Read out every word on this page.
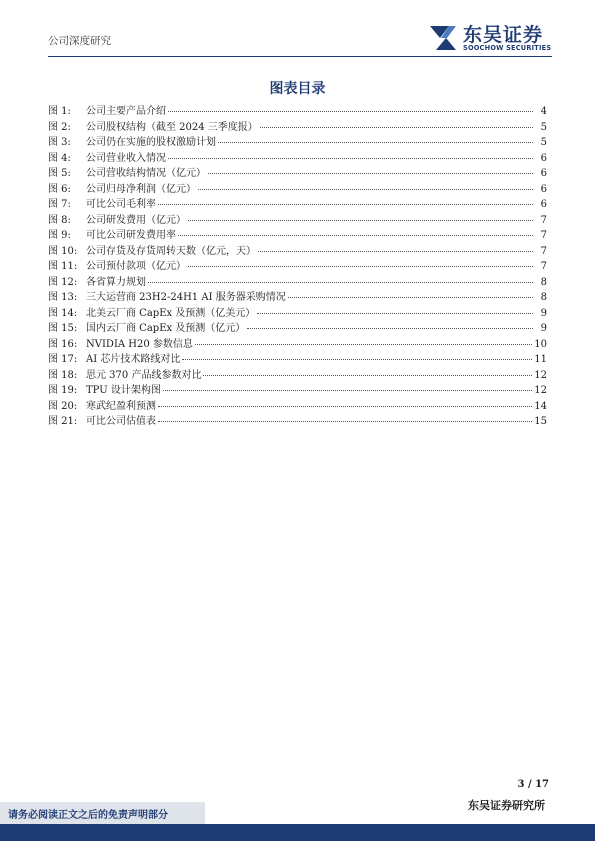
公司深度研究	东吴证券
SOOCHOW SECURITIES
图表目录
图 1:	公司主要产品介绍	4
图 2:	公司股权结构（截至 2024 三季度报）	5
图 3:	公司仍在实施的股权激励计划	5
图 4:	公司营业收入情况	6
图 5:	公司营收结构情况（亿元）	6
图 6:	公司归母净利润（亿元）	6
图 7:	可比公司毛利率	6
图 8:	公司研发费用（亿元）	7
图 9:	可比公司研发费用率	7
图 10: 公司存货及存货周转天数（亿元，天）	7
图 11: 公司预付款项（亿元）	7
图 12: 各省算力规划	8
图 13: 三大运营商 23H2-24H1 AI 服务器采购情况	8
图 14: 北美云厂商 CapEx 及预测（亿美元）	9
图 15: 国内云厂商 CapEx 及预测（亿元）	9
图 16: NVIDIA H20 参数信息	10
图 17: AI 芯片技术路线对比	11
图 18: 思元 370 产品线参数对比	12
图 19: TPU 设计架构图	12
图 20: 寒武纪盈利预测	14
图 21: 可比公司估值表	15
3 / 17
东吴证券研究所
请务必阅读正文之后的免责声明部分
